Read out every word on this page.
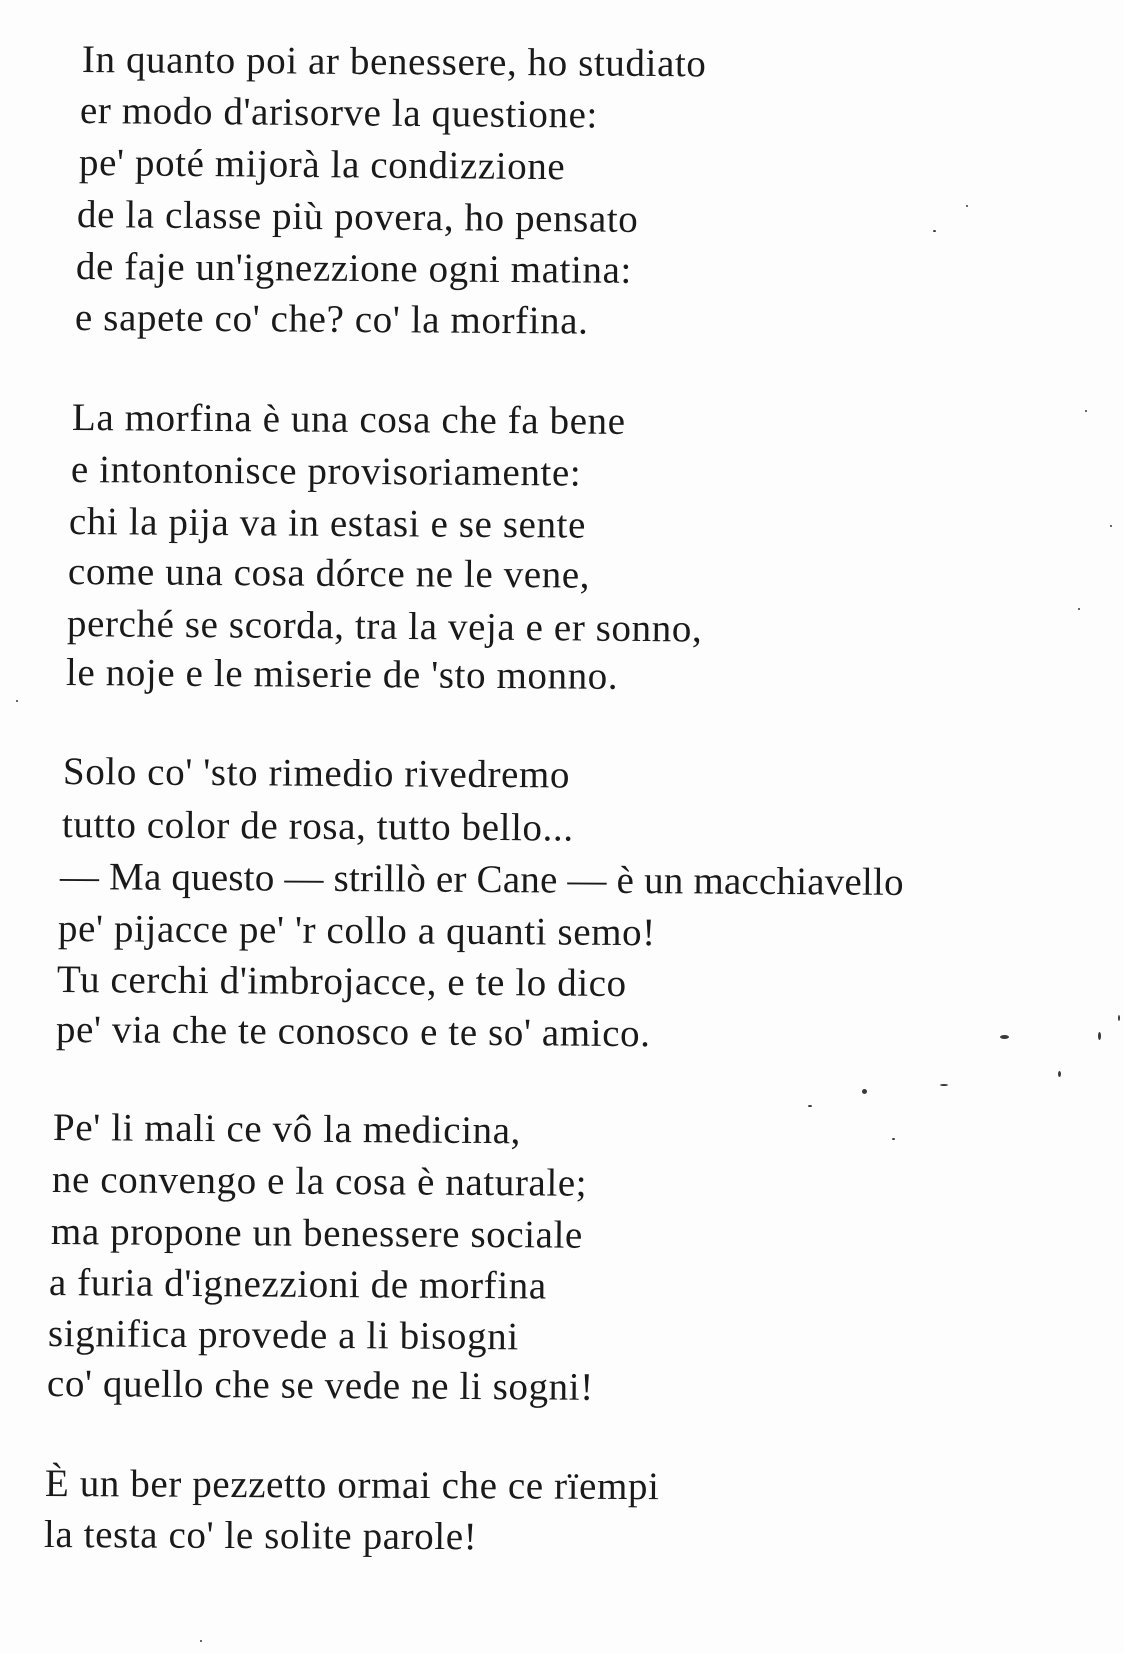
In quanto poi ar benessere, ho studiato
er modo d'arisorve la questione:
pe' poté mijorà la condizzione
de la classe più povera, ho pensato
de faje un'ignezzione ogni matina:
e sapete co' che? co' la morfina.
La morfina è una cosa che fa bene
e intontonisce provisoriamente:
chi la pija va in estasi e se sente
come una cosa dórce ne le vene,
perché se scorda, tra la veja e er sonno,
le noje e le miserie de 'sto monno.
Solo co' 'sto rimedio rivedremo
tutto color de rosa, tutto bello...
— Ma questo — strillò er Cane — è un macchiavello
pe' pijacce pe' 'r collo a quanti semo!
Tu cerchi d'imbrojacce, e te lo dico
pe' via che te conosco e te so' amico.
Pe' li mali ce vô la medicina,
ne convengo e la cosa è naturale;
ma propone un benessere sociale
a furia d'ignezzioni de morfina
significa provede a li bisogni
co' quello che se vede ne li sogni!
È un ber pezzetto ormai che ce rïempi
la testa co' le solite parole!
